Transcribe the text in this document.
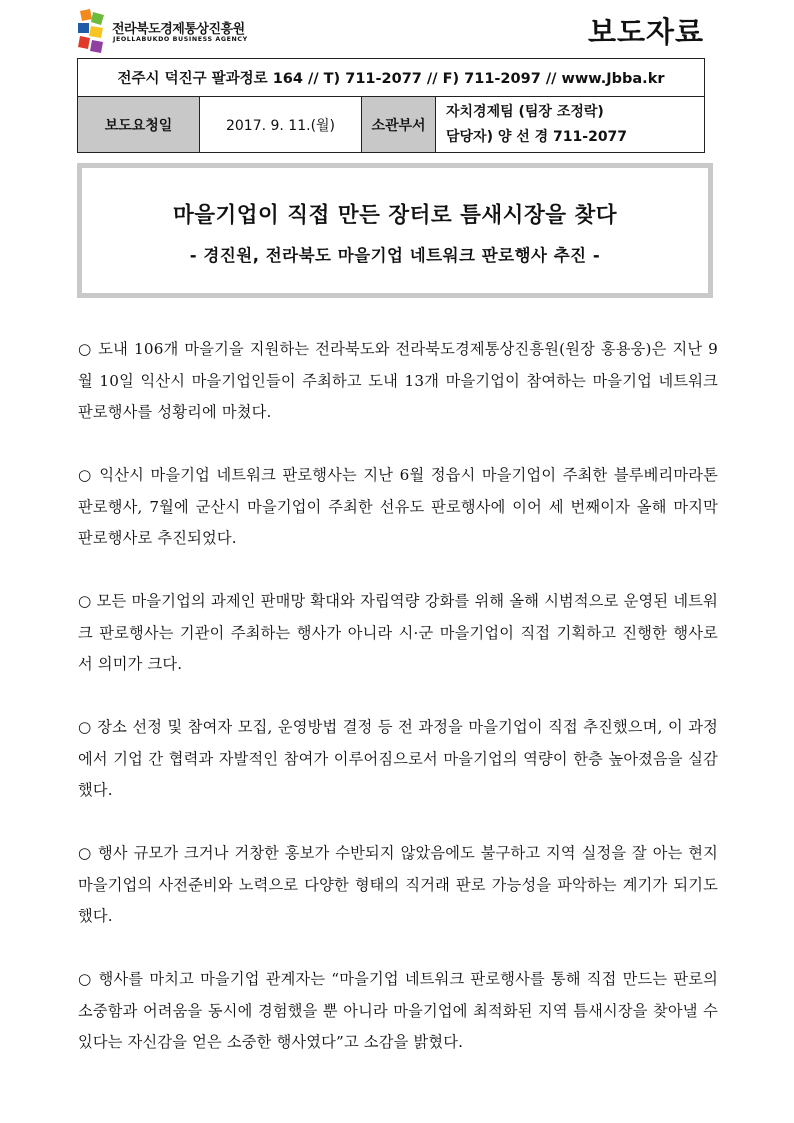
전라북도경제통상진흥원
JEOLLABUKDO BUSINESS AGENCY	보도자료
전주시 덕진구 팔과정로 164 // T) 711-2077 // F) 711-2097 // www.Jbba.kr
보도요청일	2017. 9. 11.(월)	소관부서
자치경제팀 (팀장 조정락)
담당자) 양 선 경 711-2077
마을기업이 직접 만든 장터로 틈새시장을 찾다
- 경진원, 전라북도 마을기업 네트워크 판로행사 추진 -

○ 도내 106개 마을기을 지원하는 전라북도와 전라북도경제통상진흥원(원장 홍용웅)은 지난 9월 10일 익산시 마을기업인들이 주최하고 도내 13개 마을기업이 참여하는 마을기업 네트워크 판로행사를 성황리에 마쳤다.

○ 익산시 마을기업 네트워크 판로행사는 지난 6월 정읍시 마을기업이 주최한 블루베리마라톤 판로행사, 7월에 군산시 마을기업이 주최한 선유도 판로행사에 이어 세 번째이자 올해 마지막 판로행사로 추진되었다.

○ 모든 마을기업의 과제인 판매망 확대와 자립역량 강화를 위해 올해 시범적으로 운영된 네트워크 판로행사는 기관이 주최하는 행사가 아니라 시·군 마을기업이 직접 기획하고 진행한 행사로서 의미가 크다.

○ 장소 선정 및 참여자 모집, 운영방법 결정 등 전 과정을 마을기업이 직접 추진했으며, 이 과정에서 기업 간 협력과 자발적인 참여가 이루어짐으로서 마을기업의 역량이 한층 높아졌음을 실감했다.

○ 행사 규모가 크거나 거창한 홍보가 수반되지 않았음에도 불구하고 지역 실정을 잘 아는 현지 마을기업의 사전준비와 노력으로 다양한 형태의 직거래 판로 가능성을 파악하는 계기가 되기도 했다.

○ 행사를 마치고 마을기업 관계자는 “마을기업 네트워크 판로행사를 통해 직접 만드는 판로의 소중함과 어려움을 동시에 경험했을 뿐 아니라 마을기업에 최적화된 지역 틈새시장을 찾아낼 수 있다는 자신감을 얻은 소중한 행사였다”고 소감을 밝혔다.
